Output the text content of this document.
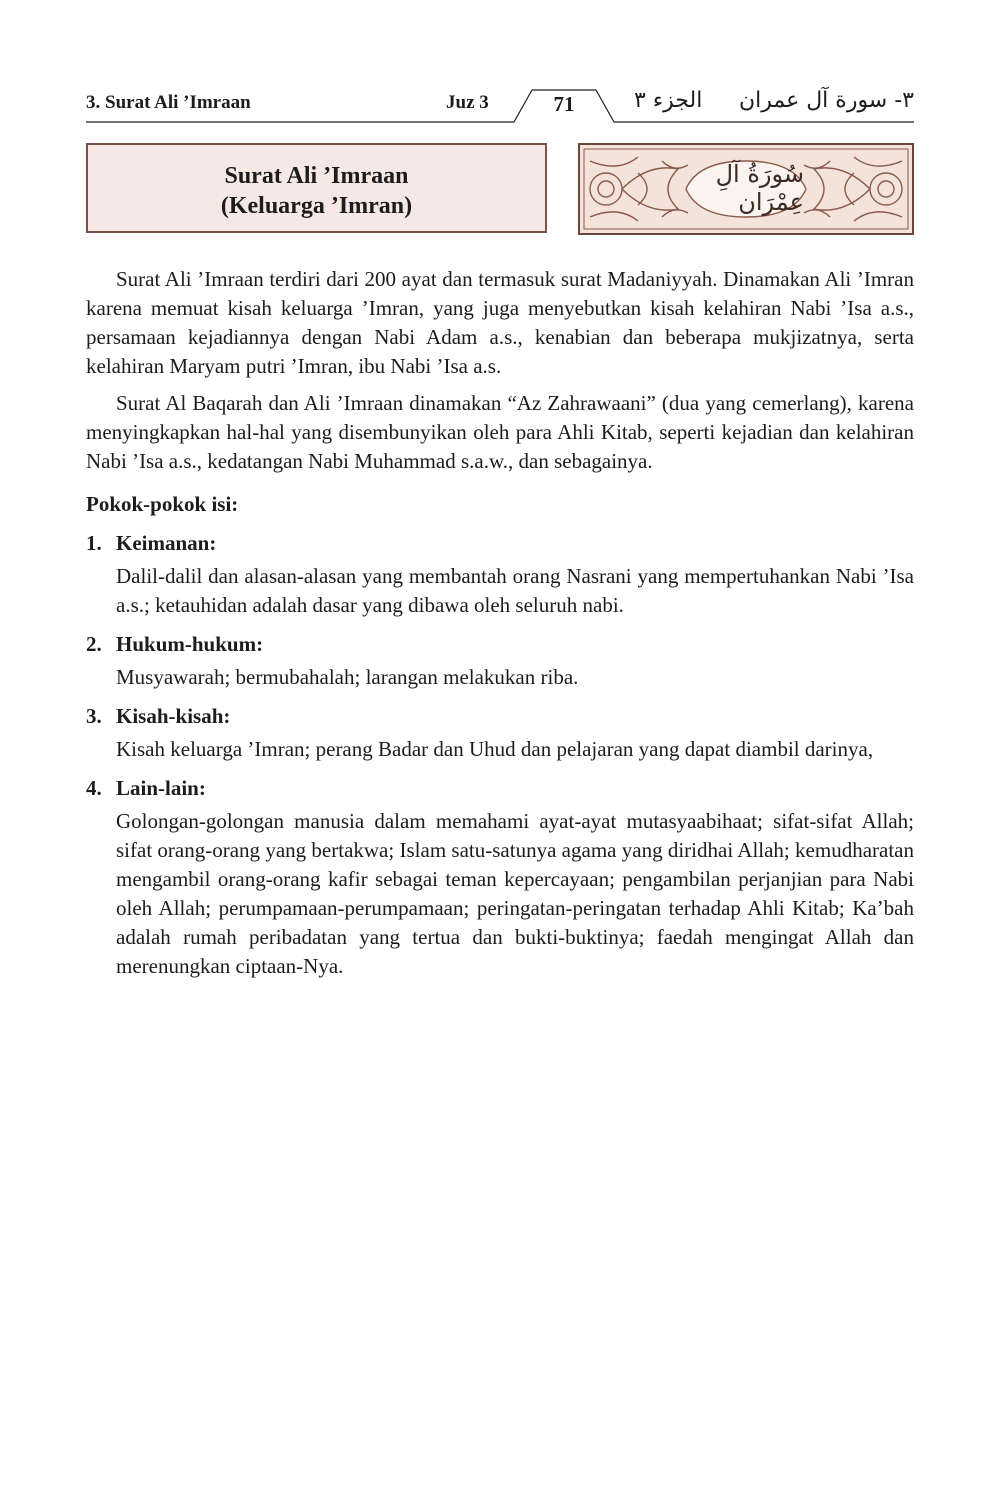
3. Surat Ali ’Imraan	Juz 3	71	الجزء ٣ ٣- سورة آل عمران
Surat Ali ’Imraan
(Keluarga ’Imran)
سُورَةُ آلِ عِمْرَان

Surat Ali ’Imraan terdiri dari 200 ayat dan termasuk surat Madaniyyah. Dinamakan Ali ’Imran karena memuat kisah keluarga ’Imran, yang juga menyebutkan kisah kelahiran Nabi ’Isa a.s., persamaan kejadiannya dengan Nabi Adam a.s., kenabian dan beberapa mukjizatnya, serta kelahiran Maryam putri ’Imran, ibu Nabi ’Isa a.s.

Surat Al Baqarah dan Ali ’Imraan dinamakan “Az Zahrawaani” (dua yang cemerlang), karena menyingkapkan hal-hal yang disembunyikan oleh para Ahli Kitab, seperti kejadian dan kelahiran Nabi ’Isa a.s., kedatangan Nabi Muhammad s.a.w., dan sebagainya.

Pokok-pokok isi:
1. Keimanan:
Dalil-dalil dan alasan-alasan yang membantah orang Nasrani yang mempertuhankan Nabi ’Isa a.s.; ketauhidan adalah dasar yang dibawa oleh seluruh nabi.
2. Hukum-hukum:
Musyawarah; bermubahalah; larangan melakukan riba.
3. Kisah-kisah:
Kisah keluarga ’Imran; perang Badar dan Uhud dan pelajaran yang dapat diambil darinya,
4. Lain-lain:
Golongan-golongan manusia dalam memahami ayat-ayat mutasyaabihaat; sifat-sifat Allah; sifat orang-orang yang bertakwa; Islam satu-satunya agama yang diridhai Allah; kemudharatan mengambil orang-orang kafir sebagai teman kepercayaan; pengambilan perjanjian para Nabi oleh Allah; perumpamaan-perumpamaan; peringatan-peringatan terhadap Ahli Kitab; Ka’bah adalah rumah peribadatan yang tertua dan bukti-buktinya; faedah mengingat Allah dan merenungkan ciptaan-Nya.
